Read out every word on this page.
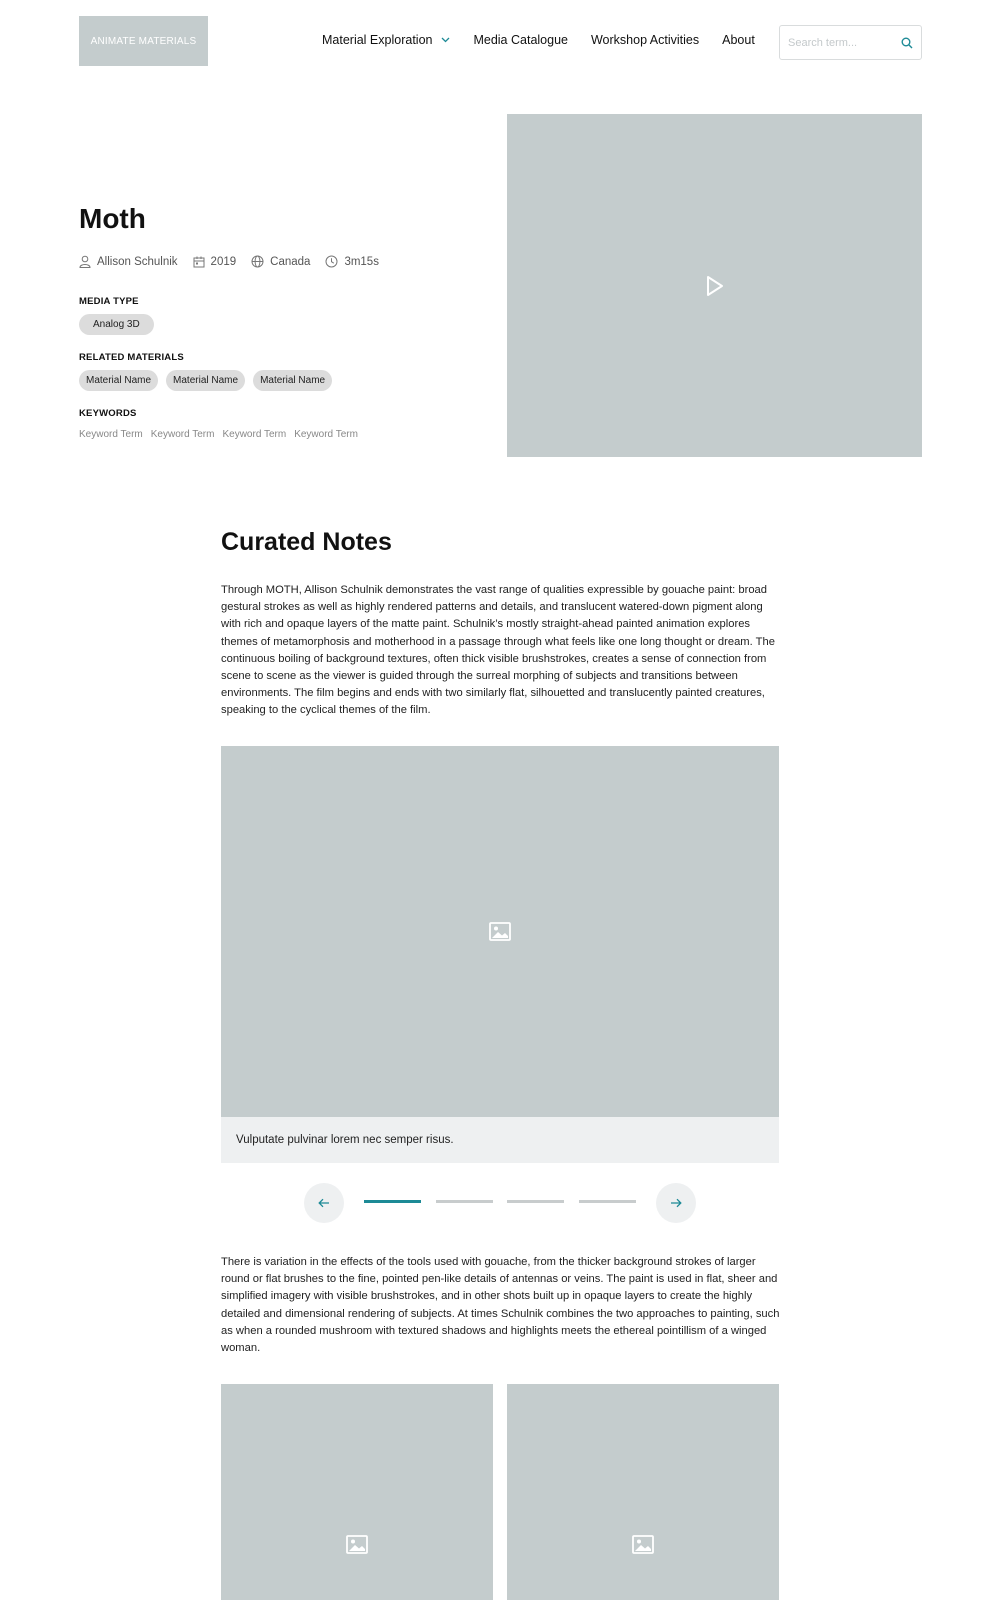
ANIMATE MATERIALS	Material Exploration	Media Catalogue Workshop Activities About
Search term...
Moth
Allison Schulnik	2019	Canada	3m15s
MEDIA TYPE
Analog 3D
RELATED MATERIALS
Material Name	Material Name	Material Name
KEYWORDS
Keyword Term Keyword Term Keyword Term Keyword Term
Curated Notes

Through MOTH, Allison Schulnik demonstrates the vast range of qualities expressible by gouache paint: broad gestural strokes as well as highly rendered patterns and details, and translucent watered-down pigment along with rich and opaque layers of the matte paint. Schulnik’s mostly straight-ahead painted animation explores themes of metamorphosis and motherhood in a passage through what feels like one long thought or dream. The continuous boiling of background textures, often thick visible brushstrokes, creates a sense of connection from scene to scene as the viewer is guided through the surreal morphing of subjects and transitions between environments. The film begins and ends with two similarly flat, silhouetted and translucently painted creatures, speaking to the cyclical themes of the film.

Vulputate pulvinar lorem nec semper risus.

There is variation in the effects of the tools used with gouache, from the thicker background strokes of larger round or flat brushes to the fine, pointed pen-like details of antennas or veins. The paint is used in flat, sheer and simplified imagery with visible brushstrokes, and in other shots built up in opaque layers to create the highly detailed and dimensional rendering of subjects. At times Schulnik combines the two approaches to painting, such as when a rounded mushroom with textured shadows and highlights meets the ethereal pointillism of a winged woman.
